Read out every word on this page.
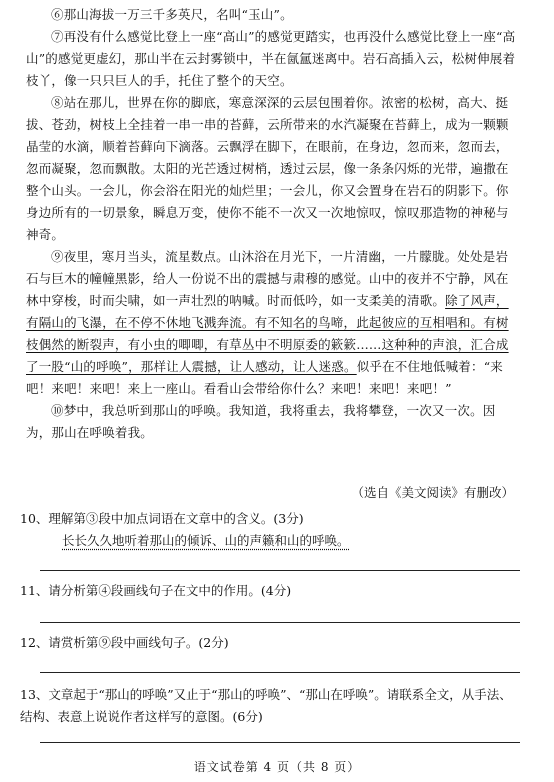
⑥那山海拔一万三千多英尺，名叫“玉山”。

⑦再没有什么感觉比登上一座“高山”的感觉更踏实，也再没什么感觉比登上一座“高山”的感觉更虚幻，那山半在云封雾锁中，半在氤氲迷离中。岩石高插入云，松树伸展着枝丫，像一只只巨人的手，托住了整个的天空。

⑧站在那儿，世界在你的脚底，寒意深深的云层包围着你。浓密的松树，高大、挺拔、苍劲，树枝上全挂着一串一串的苔藓，云所带来的水汽凝聚在苔藓上，成为一颗颗晶莹的水滴，顺着苔藓向下滴落。云飘浮在脚下，在眼前，在身边，忽而来，忽而去，忽而凝聚，忽而飘散。太阳的光芒透过树梢，透过云层，像一条条闪烁的光带，遍撒在整个山头。一会儿，你会浴在阳光的灿烂里；一会儿，你又会置身在岩石的阴影下。你身边所有的一切景象，瞬息万变，使你不能不一次又一次地惊叹，惊叹那造物的神秘与神奇。

⑨夜里，寒月当头，流星数点。山沐浴在月光下，一片清幽，一片朦胧。处处是岩石与巨木的幢幢黑影，给人一份说不出的震撼与肃穆的感觉。山中的夜并不宁静，风在林中穿梭，时而尖啸，如一声壮烈的呐喊。时而低吟，如一支柔美的清歌。除了风声，有隔山的飞瀑，在不停不休地飞溅奔流。有不知名的鸟啼，此起彼应的互相唱和。有树枝偶然的断裂声，有小虫的唧唧，有草丛中不明原委的簌簌……这种种的声浪，汇合成了一股“山的呼唤”，那样让人震撼，让人感动，让人迷惑。似乎在不住地低喊着：“来吧！来吧！来吧！来上一座山。看看山会带给你什么？来吧！来吧！来吧！”

⑩梦中，我总听到那山的呼唤。我知道，我将重去，我将攀登，一次又一次。因为，那山在呼唤着我。

（选自《美文阅读》有删改）

10、理解第③段中加点词语在文章中的含义。(3分)

长长久久地听着那山的倾诉、山的声籁和山的呼唤。

11、请分析第④段画线句子在文中的作用。(4分)

12、请赏析第⑨段中画线句子。(2分)

13、文章起于“那山的呼唤”又止于“那山的呼唤”、“那山在呼唤”。请联系全文，从手法、结构、表意上说说作者这样写的意图。(6分)

语文试卷第 4 页（共 8 页）
